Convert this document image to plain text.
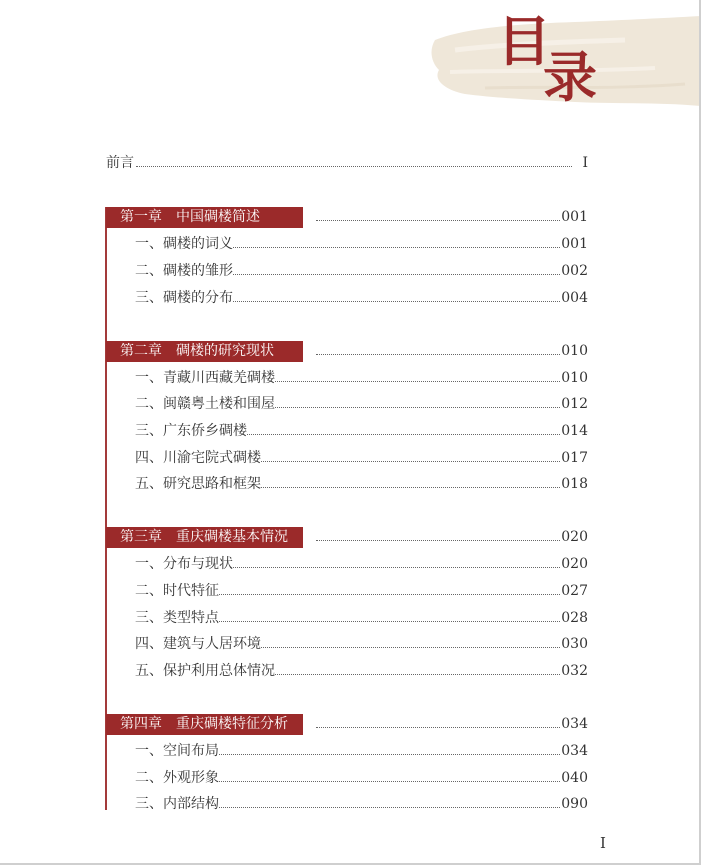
目
录
前言	I
第一章　中国碉楼简述	001
一、碉楼的词义	001
二、碉楼的雏形	002
三、碉楼的分布	004
第二章　碉楼的研究现状	010
一、青藏川西藏羌碉楼	010
二、闽赣粤土楼和围屋	012
三、广东侨乡碉楼	014
四、川渝宅院式碉楼	017
五、研究思路和框架	018
第三章　重庆碉楼基本情况	020
一、分布与现状	020
二、时代特征	027
三、类型特点	028
四、建筑与人居环境	030
五、保护利用总体情况	032
第四章　重庆碉楼特征分析	034
一、空间布局	034
二、外观形象	040
三、内部结构	090
I
